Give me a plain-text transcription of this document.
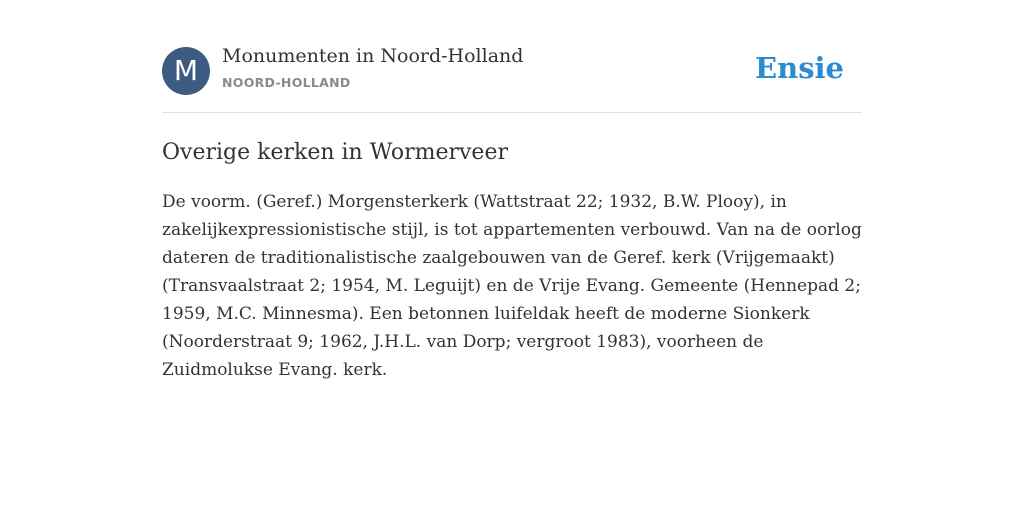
M	Monumenten in Noord-Holland
NOORD-HOLLAND	Ensie
Overige kerken in Wormerveer

De voorm. (Geref.) Morgensterkerk (Wattstraat 22; 1932, B.W. Plooy), in
zakelijkexpressionistische stijl, is tot appartementen verbouwd. Van na de oorlog
dateren de traditionalistische zaalgebouwen van de Geref. kerk (Vrijgemaakt)
(Transvaalstraat 2; 1954, M. Leguijt) en de Vrije Evang. Gemeente (Hennepad 2;
1959, M.C. Minnesma). Een betonnen luifeldak heeft de moderne Sionkerk
(Noorderstraat 9; 1962, J.H.L. van Dorp; vergroot 1983), voorheen de
Zuidmolukse Evang. kerk.
